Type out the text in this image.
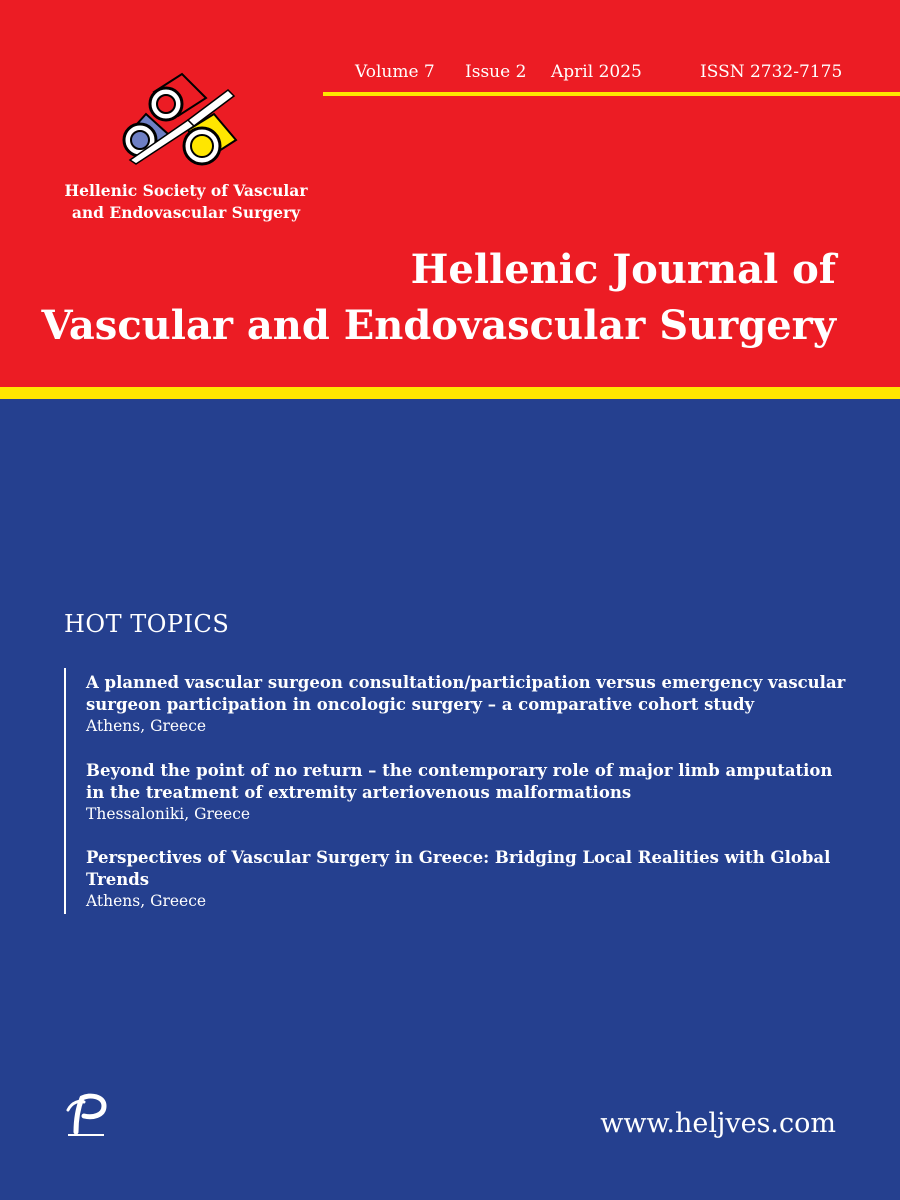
Hellenic Society of Vascular
and Endovascular Surgery
Volume 7 Issue 2 April 2025	ISSN 2732-7175
Hellenic Journal of
Vascular and Endovascular Surgery
HOT TOPICS
A planned vascular surgeon consultation/participation versus emergency vascular surgeon participation in oncologic surgery – a comparative cohort study
Athens, Greece
Beyond the point of no return – the contemporary role of major limb amputation in the treatment of extremity arteriovenous malformations
Thessaloniki, Greece
Perspectives of Vascular Surgery in Greece: Bridging Local Realities with Global Trends
Athens, Greece
www.heljves.com
